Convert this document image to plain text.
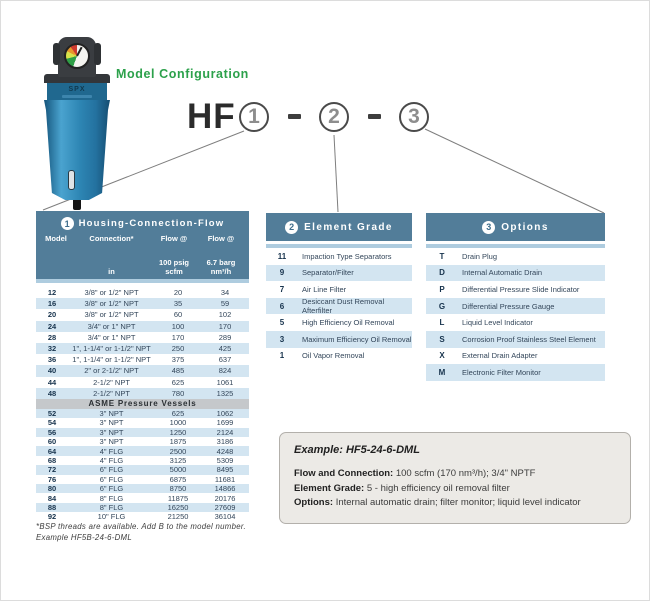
SPX
Model Configuration
HF 1	2	3
1 Housing-Connection-Flow
Model	Connection*
in
Flow @
100 psig
scfm
Flow @
6.7 barg
nm³/h
12	3/8" or 1/2" NPT	20	34
16	3/8" or 1/2" NPT	35	59
20	3/8" or 1/2" NPT	60	102
24	3/4" or 1" NPT	100	170
28	3/4" or 1" NPT	170	289
32	1", 1-1/4" or 1-1/2" NPT	250	425
36	1", 1-1/4" or 1-1/2" NPT	375	637
40	2" or 2-1/2" NPT	485	824
44	2-1/2" NPT	625	1061
48	2-1/2" NPT	780	1325
ASME Pressure Vessels
52	3" NPT	625	1062
54	3" NPT	1000	1699
56	3" NPT	1250	2124
60	3" NPT	1875	3186
64	4" FLG	2500	4248
68	4" FLG	3125	5309
72	6" FLG	5000	8495
76	6" FLG	6875	11681
80	6" FLG	8750	14866
84	8" FLG	11875	20176
88	8" FLG	16250	27609
92	10" FLG	21250	36104
*BSP threads are available. Add B to the model number.
Example HF5B-24-6-DML
2	Element Grade
11	Impaction Type Separators
9	Separator/Filter
7	Air Line Filter
6	Desiccant Dust Removal Afterfilter
5	High Efficiency Oil Removal
3	Maximum Efficiency Oil Removal
1	Oil Vapor Removal
3	Options
T	Drain Plug
D	Internal Automatic Drain
P	Differential Pressure Slide Indicator
G	Differential Pressure Gauge
L	Liquid Level Indicator
S	Corrosion Proof Stainless Steel Element
X	External Drain Adapter
M	Electronic Filter Monitor
Example: HF5-24-6-DML
Flow and Connection: 100 scfm (170 nm³/h); 3/4" NPTF
Element Grade: 5 - high efficiency oil removal filter
Options: Internal automatic drain; filter monitor; liquid level indicator
